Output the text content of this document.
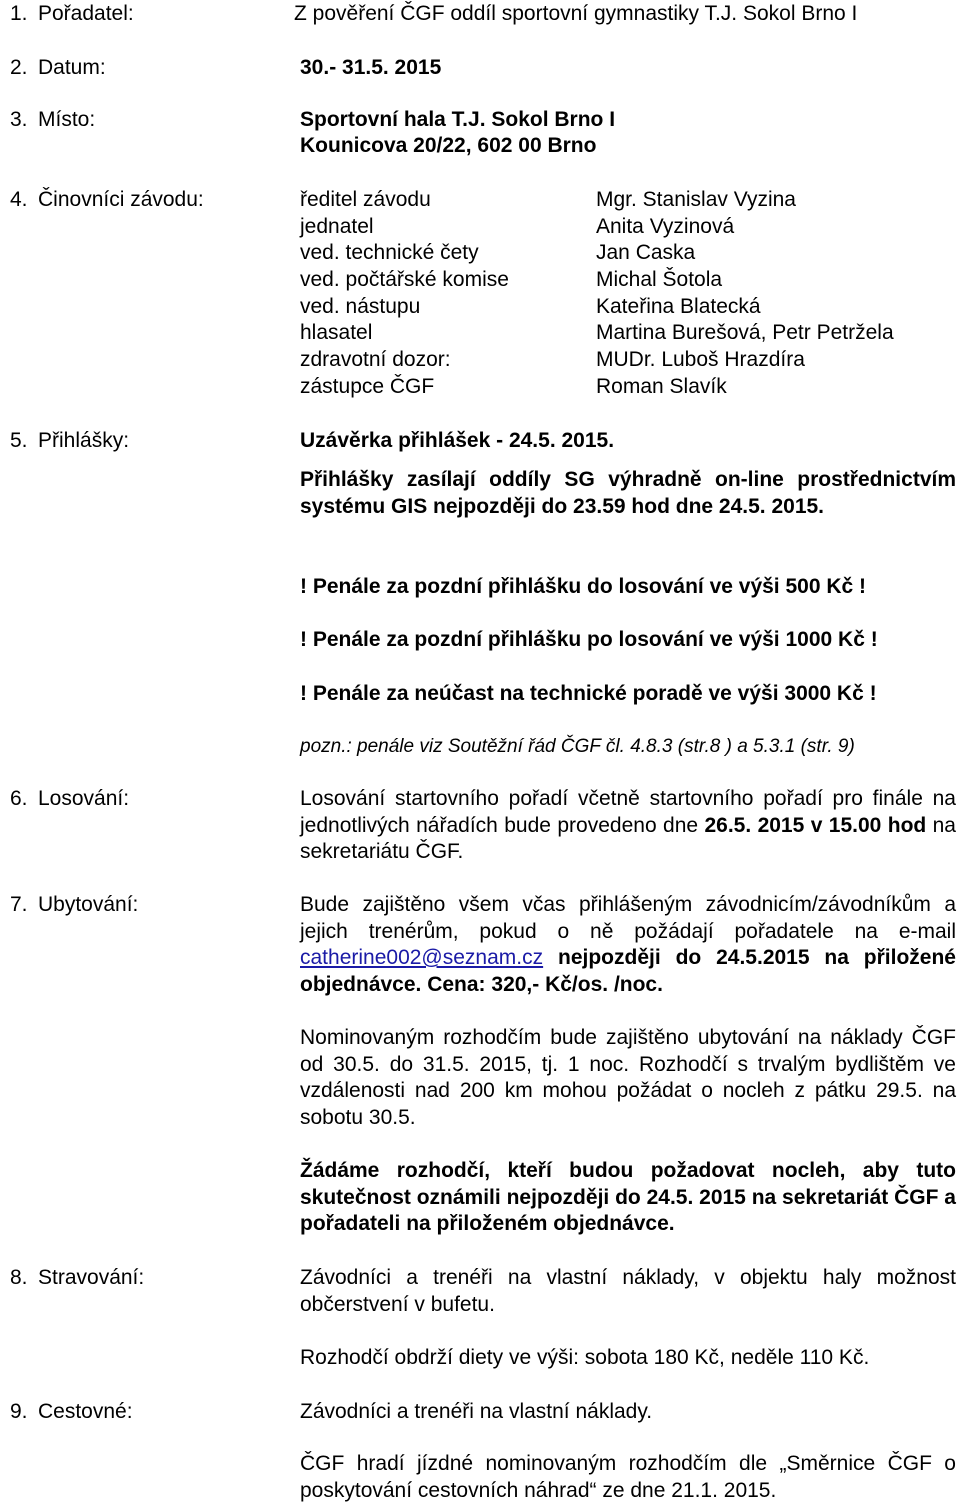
1. Pořadatel:	Z pověření ČGF oddíl sportovní gymnastiky T.J. Sokol Brno I
2. Datum:	30.- 31.5. 2015
3. Místo:	Sportovní hala T.J. Sokol Brno I
Kounicova 20/22, 602 00 Brno
4. Činovníci závodu:	ředitel závodu	Mgr. Stanislav Vyzina
jednatel	Anita Vyzinová
ved. technické čety	Jan Caska
ved. počtářské komise	Michal Šotola
ved. nástupu	Kateřina Blatecká
hlasatel	Martina Burešová, Petr Petržela
zdravotní dozor:	MUDr. Luboš Hrazdíra
zástupce ČGF	Roman Slavík
5. Přihlášky:	Uzávěrka přihlášek - 24.5. 2015.
Přihlášky zasílají oddíly SG výhradně on-line prostřednictvím systému GIS nejpozději do 23.59 hod dne 24.5. 2015.
! Penále za pozdní přihlášku do losování ve výši 500 Kč !
! Penále za pozdní přihlášku po losování ve výši 1000 Kč !
! Penále za neúčast na technické poradě ve výši 3000 Kč !
pozn.: penále viz Soutěžní řád ČGF čl. 4.8.3 (str.8 ) a 5.3.1 (str. 9)
6. Losování:	Losování startovního pořadí včetně startovního pořadí pro finále na jednotlivých nářadích bude provedeno dne 26.5. 2015 v 15.00 hod na sekretariátu ČGF.
7. Ubytování:	Bude zajištěno všem včas přihlášeným závodnicím/závodníkům a jejich trenérům, pokud o ně požádají pořadatele na e-mail catherine002@seznam.cz nejpozději do 24.5.2015 na přiložené objednávce. Cena: 320,- Kč/os. /noc.
Nominovaným rozhodčím bude zajištěno ubytování na náklady ČGF od 30.5. do 31.5. 2015, tj. 1 noc. Rozhodčí s trvalým bydlištěm ve vzdálenosti nad 200 km mohou požádat o nocleh z pátku 29.5. na sobotu 30.5.
Žádáme rozhodčí, kteří budou požadovat nocleh, aby tuto skutečnost oznámili nejpozději do 24.5. 2015 na sekretariát ČGF a pořadateli na přiloženém objednávce.
8. Stravování:	Závodníci a trenéři na vlastní náklady, v objektu haly možnost občerstvení v bufetu.
Rozhodčí obdrží diety ve výši: sobota 180 Kč, neděle 110 Kč.
9. Cestovné:	Závodníci a trenéři na vlastní náklady.
ČGF hradí jízdné nominovaným rozhodčím dle „Směrnice ČGF o poskytování cestovních náhrad“ ze dne 21.1. 2015.
